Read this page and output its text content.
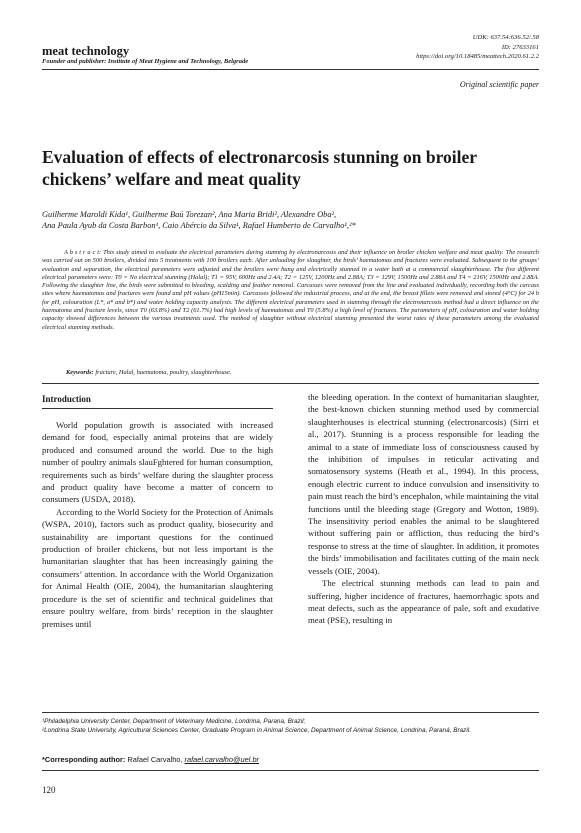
meat technology
Founder and publisher: Institute of Meat Hygiene and Technology, Belgrade
UDK: 637.54:636.52/.58
ID: 27633161
https://doi.org/10.18485/meattech.2020.61.2.2
Original scientific paper
Evaluation of effects of electronarcosis stunning on broiler chickens’ welfare and meat quality
Guilherme Maroldi Kida¹, Guilherme Baú Torezan², Ana Maria Bridi², Alexandre Oba²,
Ana Paula Ayub da Costa Barbon¹, Caio Abércio da Silva¹, Rafael Humberto de Carvalho¹,²*
A b s t r a c t: This study aimed to evaluate the electrical parameters during stunning by electronarcosis and their influence on broiler chicken welfare and meat quality. The research was carried out on 500 broilers, divided into 5 treatments with 100 broilers each. After unloading for slaughter, the birds’ haematomas and fractures were evaluated. Subsequent to the groups’ evaluation and separation, the electrical parameters were adjusted and the broilers were hung and electrically stunned in a water bath at a commercial slaughterhouse. The five different electrical parameters were: T0 = No electrical stunning (Halal); T1 = 95V, 600Hz and 2.4A; T2 = 125V, 1200Hz and 2.88A; T3 = 129V, 1500Hz and 2.88A and T4 = 216V, 1500Hz and 2.88A. Following the slaughter line, the birds were submitted to bleeding, scalding and feather removal. Carcasses were removed from the line and evaluated individually, recording both the carcass sites where haematomas and fractures were found and pH values (pH15min). Carcasses followed the industrial process, and at the end, the breast fillets were removed and stored (4°C) for 24 h for pH, colouration (L*, a* and b*) and water holding capacity analysis. The different electrical parameters used in stunning through the electronarcosis method had a direct influence on the haematoma and fracture levels, since T0 (63.8%) and T2 (61.7%) had high levels of haematomas and T0 (5.8%) a high level of fractures. The parameters of pH, colouration and water holding capacity showed differences between the various treatments used. The method of slaughter without electrical stunning presented the worst rates of these parameters among the evaluated electrical stunning methods.
Keywords: fracture, Halal, haematoma, poultry, slaughterhouse.
Introduction

World population growth is associated with increased demand for food, especially animal proteins that are widely produced and consumed around the world. Due to the high number of poultry animals slauFghtered for human consumption, requirements such as birds’ welfare during the slaughter process and product quality have become a matter of concern to consumers (USDA, 2018).

According to the World Society for the Protection of Animals (WSPA, 2010), factors such as product quality, biosecurity and sustainability are important questions for the continued production of broiler chickens, but not less important is the humanitarian slaughter that has been increasingly gaining the consumers’ attention. In accordance with the World Organization for Animal Health (OIE, 2004), the humanitarian slaughtering procedure is the set of scientific and technical guidelines that ensure poultry welfare, from birds’ reception in the slaughter premises until

the bleeding operation. In the context of humanitarian slaughter, the best-known chicken stunning method used by commercial slaughterhouses is electrical stunning (electronarcosis) (Sirri et al., 2017). Stunning is a process responsible for leading the animal to a state of immediate loss of consciousness caused by the inhibition of impulses in reticular activating and somatosensory systems (Heath et al., 1994). In this process, enough electric current to induce convulsion and insensitivity to pain must reach the bird’s encephalon, while maintaining the vital functions until the bleeding stage (Gregory and Wotton, 1989). The insensitivity period enables the animal to be slaughtered without suffering pain or affliction, thus reducing the bird’s response to stress at the time of slaughter. In addition, it promotes the birds’ immobilisation and facilitates cutting of the main neck vessels (OIE, 2004).

The electrical stunning methods can lead to pain and suffering, higher incidence of fractures, haemorrhagic spots and meat defects, such as the appearance of pale, soft and exudative meat (PSE), resulting in

¹Philadelphia University Center, Department of Veterinary Medicine, Londrina, Parana, Brazil;
²Londrina State University, Agricultural Sciences Center, Graduate Program in Animal Science, Department of Animal Science, Londrina, Paraná, Brazil.
*Corresponding author: Rafael Carvalho, rafael.carvalho@uel.br
120
